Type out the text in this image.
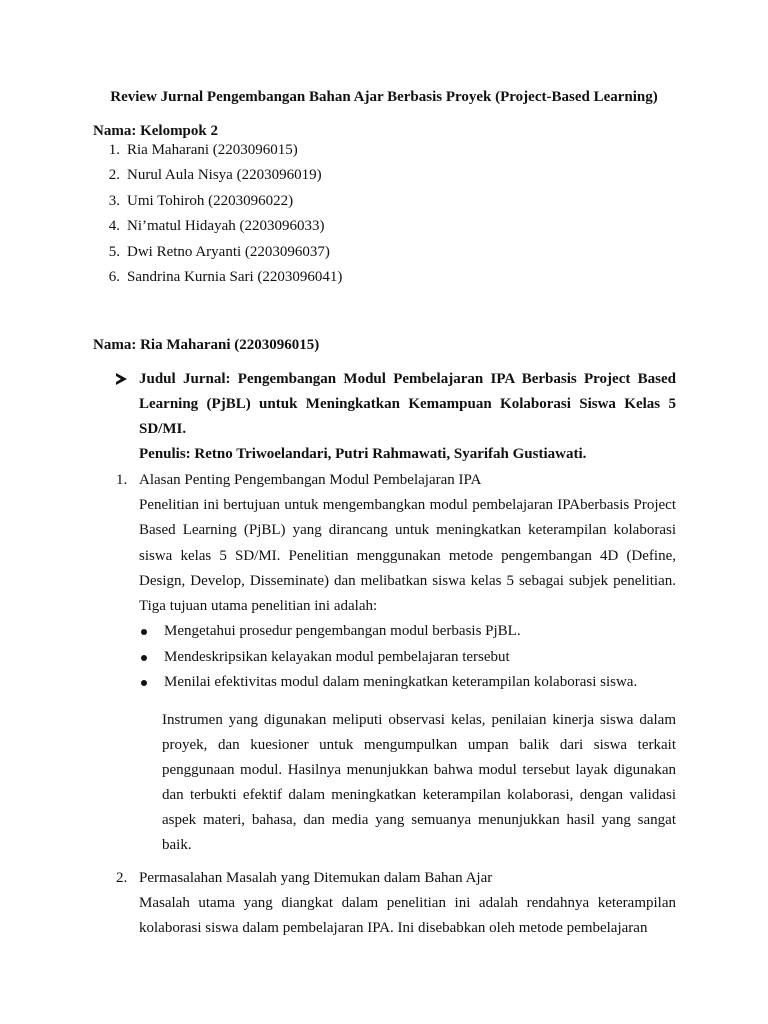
Review Jurnal Pengembangan Bahan Ajar Berbasis Proyek (Project-Based Learning)
Nama: Kelompok 2
1. Ria Maharani (2203096015)
2. Nurul Aula Nisya (2203096019)
3. Umi Tohiroh (2203096022)
4. Ni’matul Hidayah (2203096033)
5. Dwi Retno Aryanti (2203096037)
6. Sandrina Kurnia Sari (2203096041)
Nama: Ria Maharani (2203096015)
Judul Jurnal: Pengembangan Modul Pembelajaran IPA Berbasis Project Based Learning (PjBL) untuk Meningkatkan Kemampuan Kolaborasi Siswa Kelas 5 SD/MI.
Penulis: Retno Triwoelandari, Putri Rahmawati, Syarifah Gustiawati.
1. Alasan Penting Pengembangan Modul Pembelajaran IPA
Penelitian ini bertujuan untuk mengembangkan modul pembelajaran IPAberbasis Project Based Learning (PjBL) yang dirancang untuk meningkatkan keterampilan kolaborasi siswa kelas 5 SD/MI. Penelitian menggunakan metode pengembangan 4D (Define, Design, Develop, Disseminate) dan melibatkan siswa kelas 5 sebagai subjek penelitian. Tiga tujuan utama penelitian ini adalah:
Mengetahui prosedur pengembangan modul berbasis PjBL.
Mendeskripsikan kelayakan modul pembelajaran tersebut
Menilai efektivitas modul dalam meningkatkan keterampilan kolaborasi siswa.
Instrumen yang digunakan meliputi observasi kelas, penilaian kinerja siswa dalam proyek, dan kuesioner untuk mengumpulkan umpan balik dari siswa terkait penggunaan modul. Hasilnya menunjukkan bahwa modul tersebut layak digunakan dan terbukti efektif dalam meningkatkan keterampilan kolaborasi, dengan validasi aspek materi, bahasa, dan media yang semuanya menunjukkan hasil yang sangat baik.
2. Permasalahan Masalah yang Ditemukan dalam Bahan Ajar
Masalah utama yang diangkat dalam penelitian ini adalah rendahnya keterampilan kolaborasi siswa dalam pembelajaran IPA. Ini disebabkan oleh metode pembelajaran
